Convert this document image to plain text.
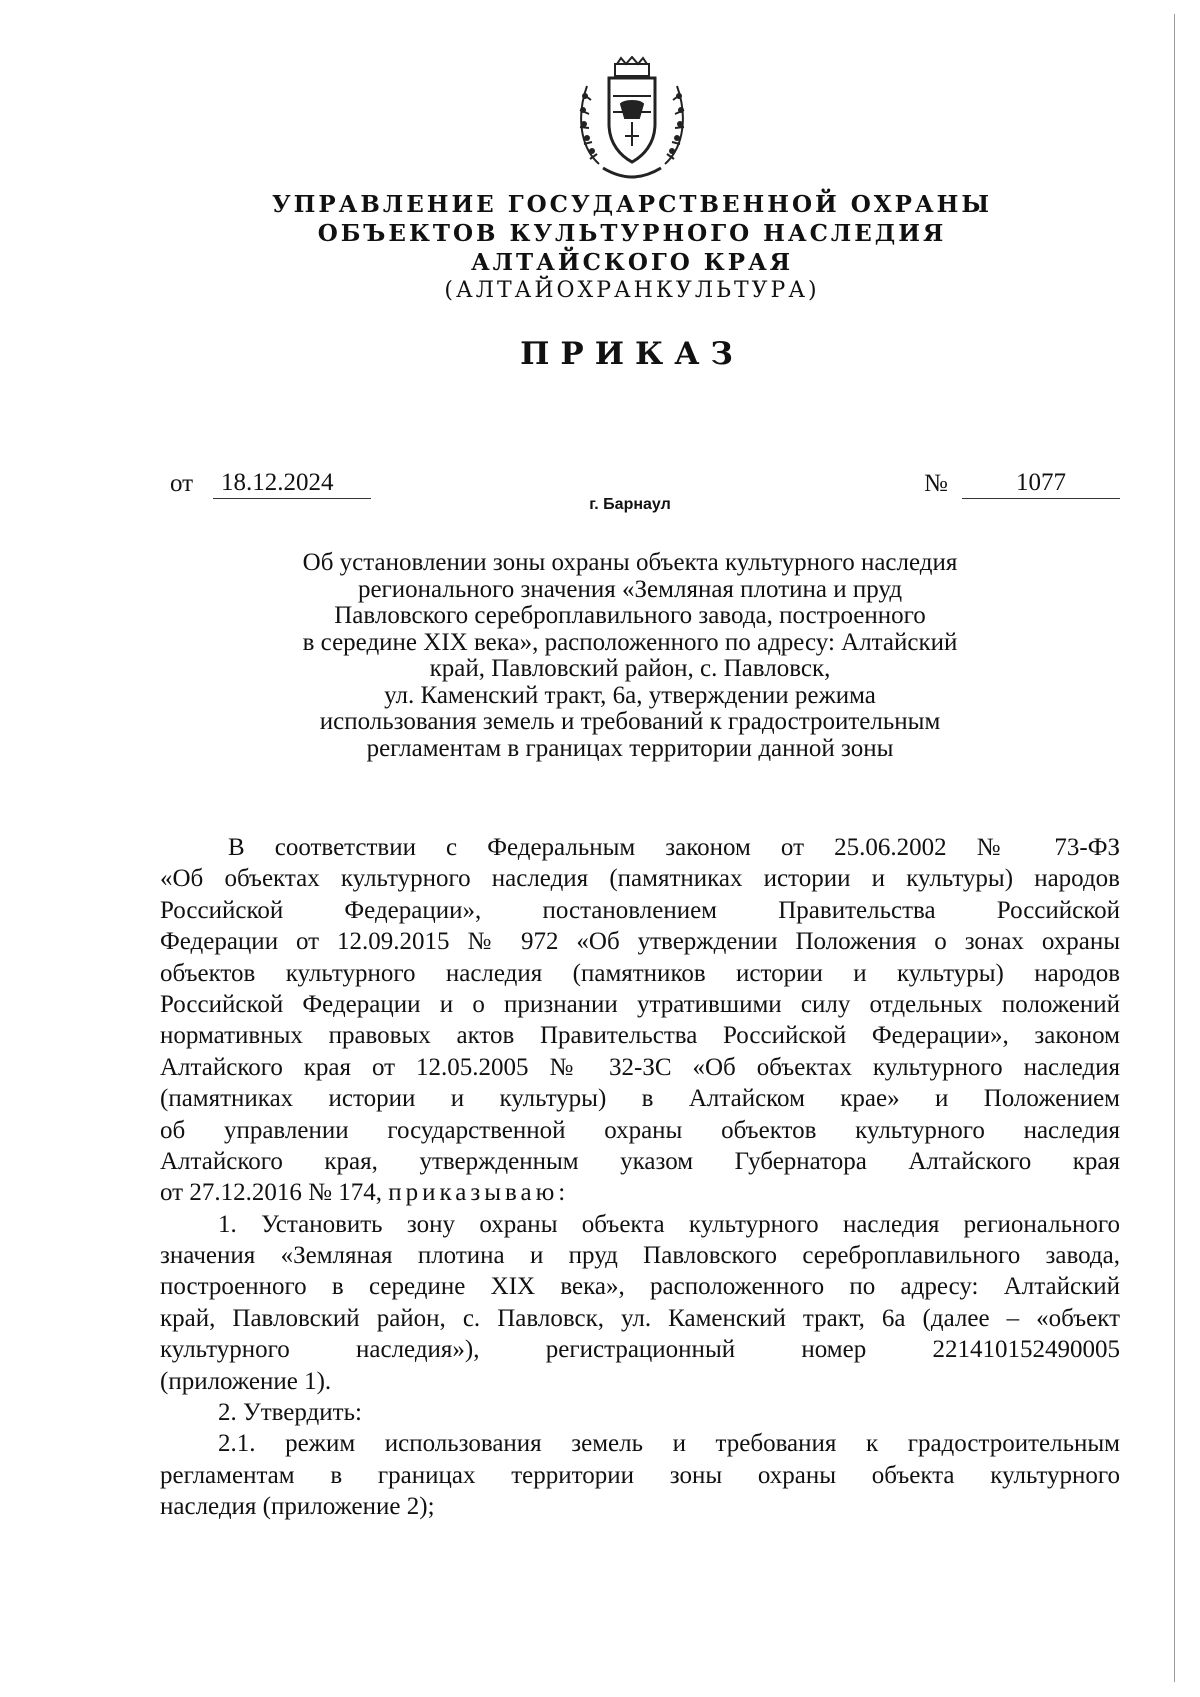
УПРАВЛЕНИЕ ГОСУДАРСТВЕННОЙ ОХРАНЫ
ОБЪЕКТОВ КУЛЬТУРНОГО НАСЛЕДИЯ
АЛТАЙСКОГО КРАЯ
(АЛТАЙОХРАНКУЛЬТУРА)
ПРИКАЗ
от	18.12.2024	№	1077
г. Барнаул
Об установлении зоны охраны объекта культурного наследия
регионального значения «Земляная плотина и пруд
Павловского сереброплавильного завода, построенного
в середине XIX века», расположенного по адресу: Алтайский
край, Павловский район, с. Павловск,
ул. Каменский тракт, 6а, утверждении режима
использования земель и требований к градостроительным
регламентам в границах территории данной зоны
В соответствии с Федеральным законом от 25.06.2002 № 73-ФЗ
«Об объектах культурного наследия (памятниках истории и культуры) народов
Российской Федерации», постановлением Правительства Российской
Федерации от 12.09.2015 № 972 «Об утверждении Положения о зонах охраны
объектов культурного наследия (памятников истории и культуры) народов
Российской Федерации и о признании утратившими силу отдельных положений
нормативных правовых актов Правительства Российской Федерации», законом
Алтайского края от 12.05.2005 № 32-ЗС «Об объектах культурного наследия
(памятниках истории и культуры) в Алтайском крае» и Положением
об управлении государственной охраны объектов культурного наследия
Алтайского края, утвержденным указом Губернатора Алтайского края
от 27.12.2016 № 174, приказываю:
1. Установить зону охраны объекта культурного наследия регионального
значения «Земляная плотина и пруд Павловского сереброплавильного завода,
построенного в середине XIX века», расположенного по адресу: Алтайский
край, Павловский район, с. Павловск, ул. Каменский тракт, 6а (далее – «объект
культурного наследия»), регистрационный номер 221410152490005
(приложение 1).
2. Утвердить:
2.1. режим использования земель и требования к градостроительным
регламентам в границах территории зоны охраны объекта культурного
наследия (приложение 2);
